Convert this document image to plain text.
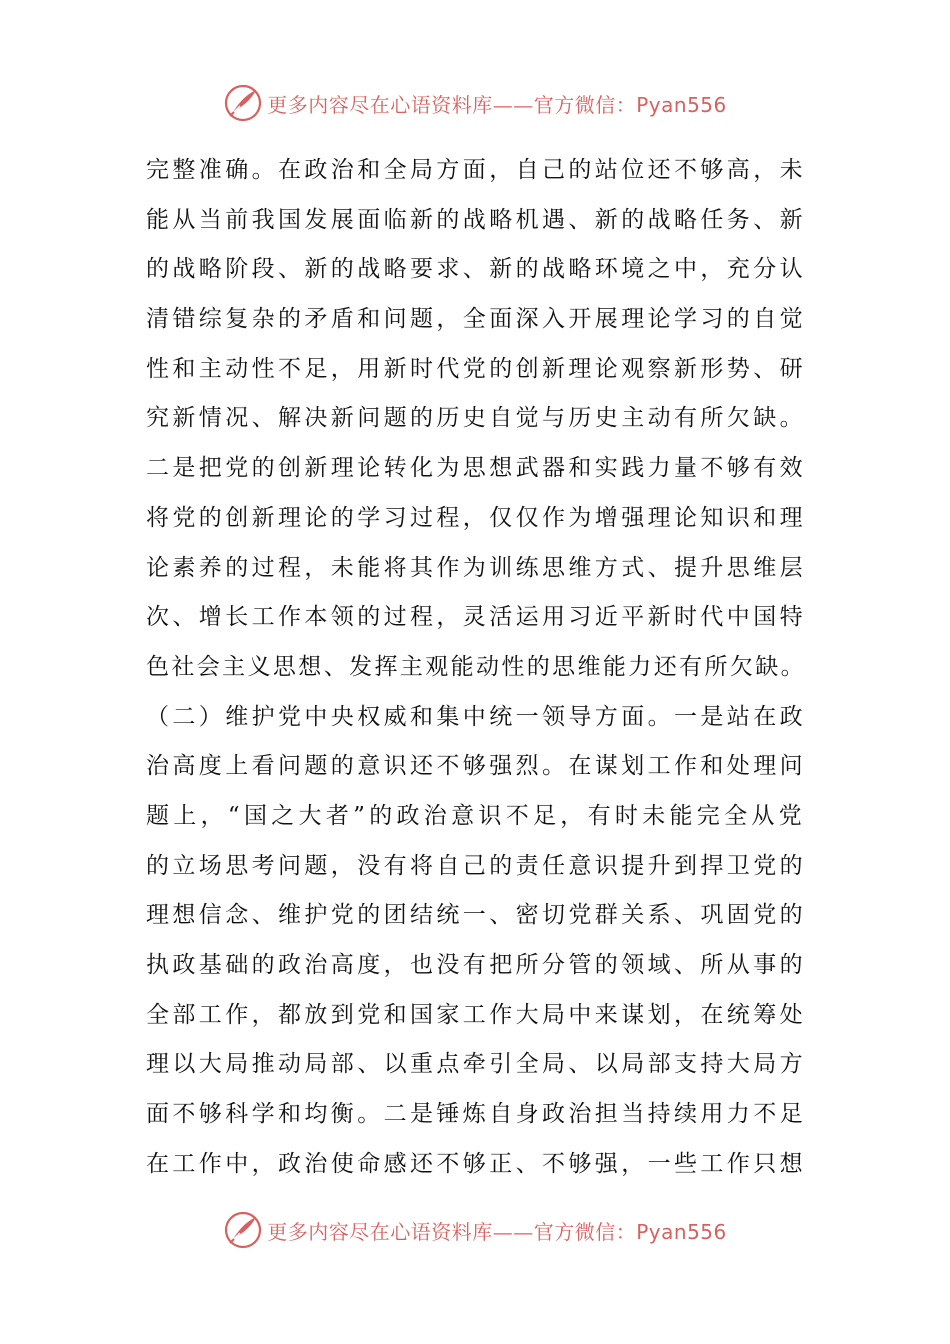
更多内容尽在心语资料库——官方微信：Pyan556
完整准确。在政治和全局方面，自己的站位还不够高，未
能从当前我国发展面临新的战略机遇、新的战略任务、新
的战略阶段、新的战略要求、新的战略环境之中，充分认
清错综复杂的矛盾和问题，全面深入开展理论学习的自觉
性和主动性不足，用新时代党的创新理论观察新形势、研
究新情况、解决新问题的历史自觉与历史主动有所欠缺。
二是把党的创新理论转化为思想武器和实践力量不够有效
将党的创新理论的学习过程，仅仅作为增强理论知识和理
论素养的过程，未能将其作为训练思维方式、提升思维层
次、增长工作本领的过程，灵活运用习近平新时代中国特
色社会主义思想、发挥主观能动性的思维能力还有所欠缺。
（二）维护党中央权威和集中统一领导方面。一是站在政
治高度上看问题的意识还不够强烈。在谋划工作和处理问
题上，“国之大者”的政治意识不足，有时未能完全从党
的立场思考问题，没有将自己的责任意识提升到捍卫党的
理想信念、维护党的团结统一、密切党群关系、巩固党的
执政基础的政治高度，也没有把所分管的领域、所从事的
全部工作，都放到党和国家工作大局中来谋划，在统筹处
理以大局推动局部、以重点牵引全局、以局部支持大局方
面不够科学和均衡。二是锤炼自身政治担当持续用力不足
在工作中，政治使命感还不够正、不够强，一些工作只想
更多内容尽在心语资料库——官方微信：Pyan556
